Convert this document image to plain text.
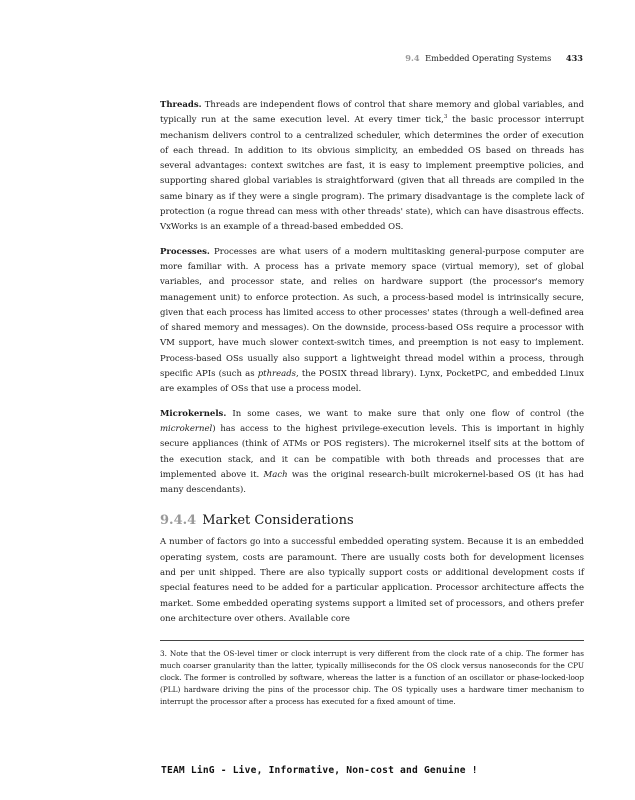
9.4 Embedded Operating Systems 433

Threads. Threads are independent flows of control that share memory and global variables, and typically run at the same execution level. At every timer tick,$^3$ the basic processor interrupt mechanism delivers control to a centralized scheduler, which determines the order of execution of each thread. In addition to its obvious simplicity, an embedded OS based on threads has several advantages: context switches are fast, it is easy to implement preemptive policies, and supporting shared global variables is straightforward (given that all threads are compiled in the same binary as if they were a single program). The primary disadvantage is the complete lack of protection (a rogue thread can mess with other threads' state), which can have disastrous effects. VxWorks is an example of a thread-based embedded OS.

Processes. Processes are what users of a modern multitasking general-purpose computer are more familiar with. A process has a private memory space (virtual memory), set of global variables, and processor state, and relies on hardware support (the processor's memory management unit) to enforce protection. As such, a process-based model is intrinsically secure, given that each process has limited access to other processes' states (through a well-defined area of shared memory and messages). On the downside, process-based OSs require a processor with VM support, have much slower context-switch times, and preemption is not easy to implement. Process-based OSs usually also support a lightweight thread model within a process, through specific APIs (such as pthreads, the POSIX thread library). Lynx, PocketPC, and embedded Linux are examples of OSs that use a process model.

Microkernels. In some cases, we want to make sure that only one flow of control (the microkernel) has access to the highest privilege-execution levels. This is important in highly secure appliances (think of ATMs or POS registers). The microkernel itself sits at the bottom of the execution stack, and it can be compatible with both threads and processes that are implemented above it. Mach was the original research-built microkernel-based OS (it has had many descendants).

9.4.4 Market Considerations

A number of factors go into a successful embedded operating system. Because it is an embedded operating system, costs are paramount. There are usually costs both for development licenses and per unit shipped. There are also typically support costs or additional development costs if special features need to be added for a particular application. Processor architecture affects the market. Some embedded operating systems support a limited set of processors, and others prefer one architecture over others. Available core

3. Note that the OS-level timer or clock interrupt is very different from the clock rate of a chip. The former has much coarser granularity than the latter, typically milliseconds for the OS clock versus nanoseconds for the CPU clock. The former is controlled by software, whereas the latter is a function of an oscillator or phase-locked-loop (PLL) hardware driving the pins of the processor chip. The OS typically uses a hardware timer mechanism to interrupt the processor after a process has executed for a fixed amount of time.
TEAM LinG - Live, Informative, Non-cost and Genuine !
